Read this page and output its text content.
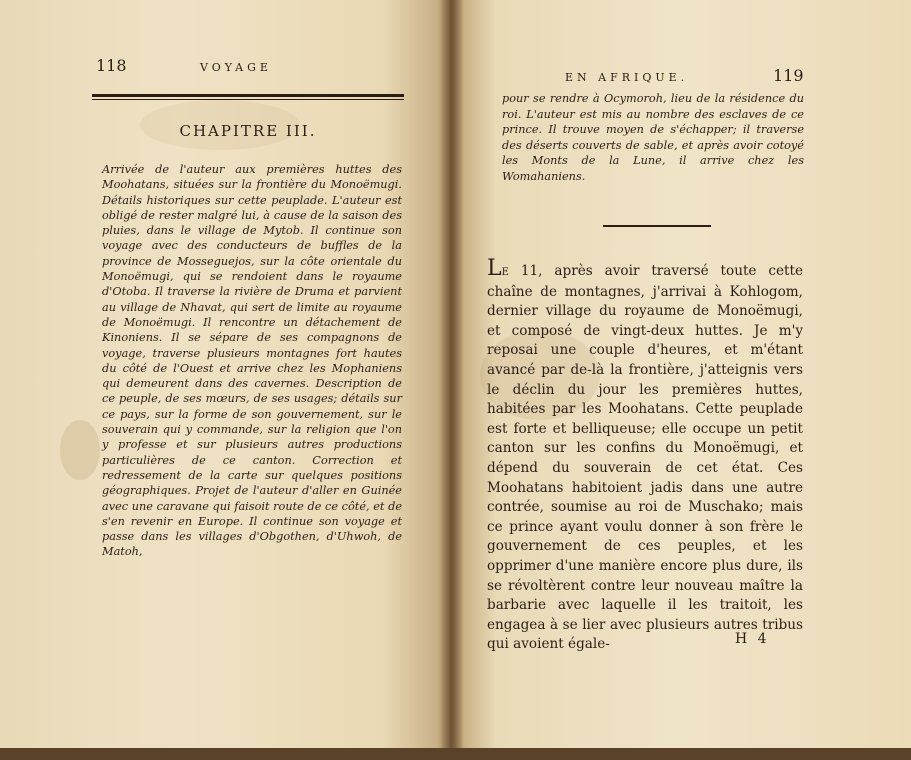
118	VOYAGE
CHAPITRE III.

Arrivée de l'auteur aux premières huttes des Moohatans, situées sur la frontière du Monoëmugi. Détails historiques sur cette peuplade. L'auteur est obligé de rester malgré lui, à cause de la saison des pluies, dans le village de Mytob. Il continue son voyage avec des conducteurs de buffles de la province de Mosseguejos, sur la côte orientale du Monoëmugi, qui se rendoient dans le royaume d'Otoba. Il traverse la rivière de Druma et parvient au village de Nhavat, qui sert de limite au royaume de Monoëmugi. Il rencontre un détachement de Kinoniens. Il se sépare de ses compagnons de voyage, traverse plusieurs montagnes fort hautes du côté de l'Ouest et arrive chez les Mophaniens qui demeurent dans des cavernes. Description de ce peuple, de ses mœurs, de ses usages; détails sur ce pays, sur la forme de son gouvernement, sur le souverain qui y commande, sur la religion que l'on y professe et sur plusieurs autres productions particulières de ce canton. Correction et redressement de la carte sur quelques positions géographiques. Projet de l'auteur d'aller en Guinée avec une caravane qui faisoit route de ce côté, et de s'en revenir en Europe. Il continue son voyage et passe dans les villages d'Obgothen, d'Uhwoh, de Matoh,

EN AFRIQUE.	119

pour se rendre à Ocymoroh, lieu de la résidence du roi. L'auteur est mis au nombre des esclaves de ce prince. Il trouve moyen de s'échapper; il traverse des déserts couverts de sable, et après avoir cotoyé les Monts de la Lune, il arrive chez les Womahaniens.

LE 11, après avoir traversé toute cette chaîne de montagnes, j'arrivai à Kohlogom, dernier village du royaume de Monoëmugi, et composé de vingt-deux huttes. Je m'y reposai une couple d'heures, et m'étant avancé par de-là la frontière, j'atteignis vers le déclin du jour les premières huttes, habitées par les Moohatans. Cette peuplade est forte et belliqueuse; elle occupe un petit canton sur les confins du Monoëmugi, et dépend du souverain de cet état. Ces Moohatans habitoient jadis dans une autre contrée, soumise au roi de Muschako; mais ce prince ayant voulu donner à son frère le gouvernement de ces peuples, et les opprimer d'une manière encore plus dure, ils se révoltèrent contre leur nouveau maître la barbarie avec laquelle il les traitoit, les engagea à se lier avec plusieurs autres tribus qui avoient égale-	H 4
